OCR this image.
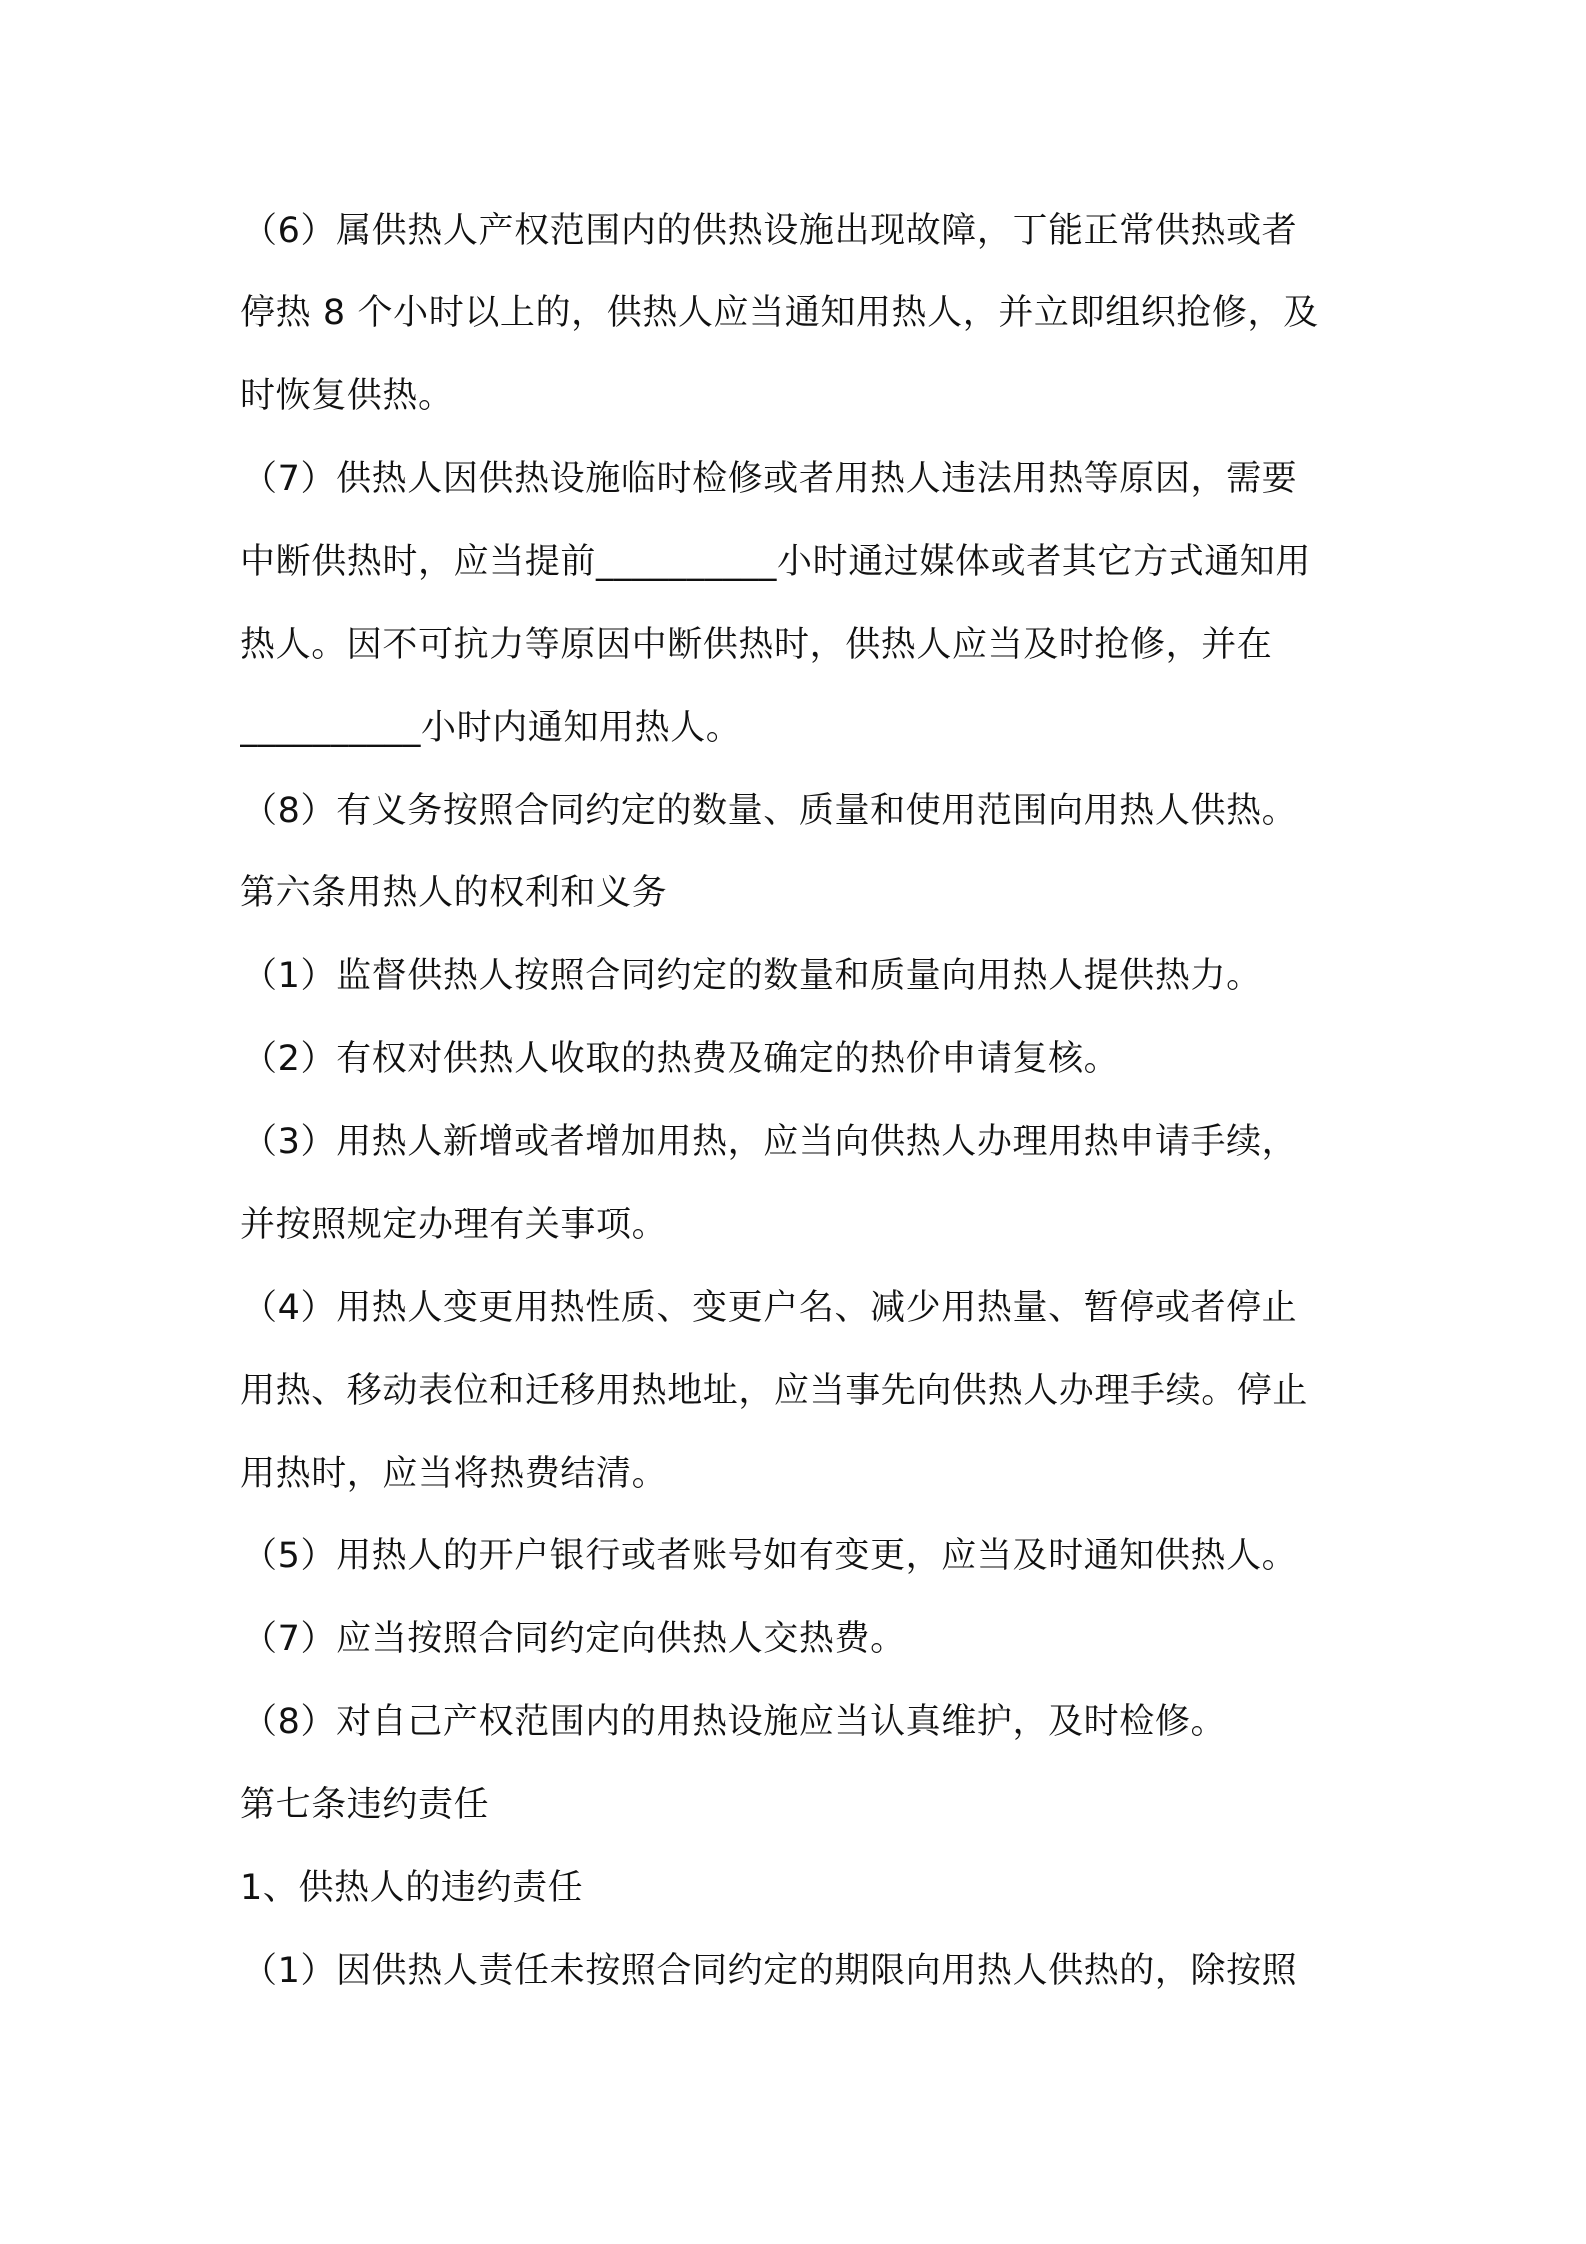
（6）属供热人产权范围内的供热设施出现故障，丁能正常供热或者
停热 8 个小时以上的，供热人应当通知用热人，并立即组织抢修，及
时恢复供热。
（7）供热人因供热设施临时检修或者用热人违法用热等原因，需要
中断供热时，应当提前__________小时通过媒体或者其它方式通知用
热人。因不可抗力等原因中断供热时，供热人应当及时抢修，并在
__________小时内通知用热人。
（8）有义务按照合同约定的数量、质量和使用范围向用热人供热。
第六条用热人的权利和义务
（1）监督供热人按照合同约定的数量和质量向用热人提供热力。
（2）有权对供热人收取的热费及确定的热价申请复核。
（3）用热人新增或者增加用热，应当向供热人办理用热申请手续，
并按照规定办理有关事项。
（4）用热人变更用热性质、变更户名、减少用热量、暂停或者停止
用热、移动表位和迁移用热地址，应当事先向供热人办理手续。停止
用热时，应当将热费结清。
（5）用热人的开户银行或者账号如有变更，应当及时通知供热人。
（7）应当按照合同约定向供热人交热费。
（8）对自己产权范围内的用热设施应当认真维护，及时检修。
第七条违约责任
1、供热人的违约责任
（1）因供热人责任未按照合同约定的期限向用热人供热的，除按照
